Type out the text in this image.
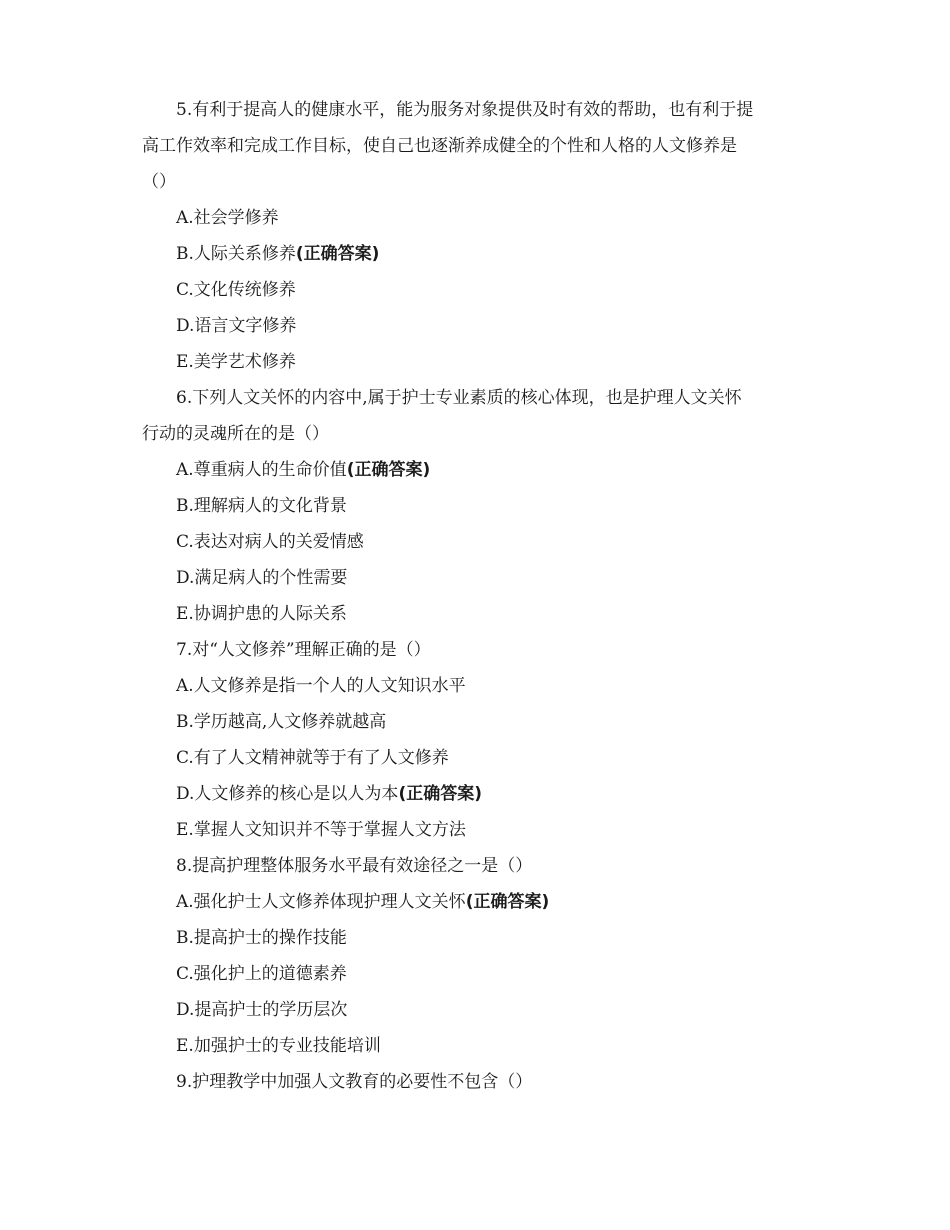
5.有利于提高人的健康水平，能为服务对象提供及时有效的帮助，也有利于提

高工作效率和完成工作目标，使自己也逐渐养成健全的个性和人格的人文修养是

（）

A.社会学修养

B.人际关系修养(正确答案)

C.文化传统修养

D.语言文字修养

E.美学艺术修养

6.下列人文关怀的内容中,属于护士专业素质的核心体现，也是护理人文关怀

行动的灵魂所在的是（）

A.尊重病人的生命价值(正确答案)

B.理解病人的文化背景

C.表达对病人的关爱情感

D.满足病人的个性需要

E.协调护患的人际关系

7.对“人文修养”理解正确的是（）

A.人文修养是指一个人的人文知识水平

B.学历越高,人文修养就越高

C.有了人文精神就等于有了人文修养

D.人文修养的核心是以人为本(正确答案)

E.掌握人文知识并不等于掌握人文方法

8.提高护理整体服务水平最有效途径之一是（）

A.强化护士人文修养体现护理人文关怀(正确答案)

B.提高护士的操作技能

C.强化护上的道德素养

D.提高护士的学历层次

E.加强护士的专业技能培训

9.护理教学中加强人文教育的必要性不包含（）
